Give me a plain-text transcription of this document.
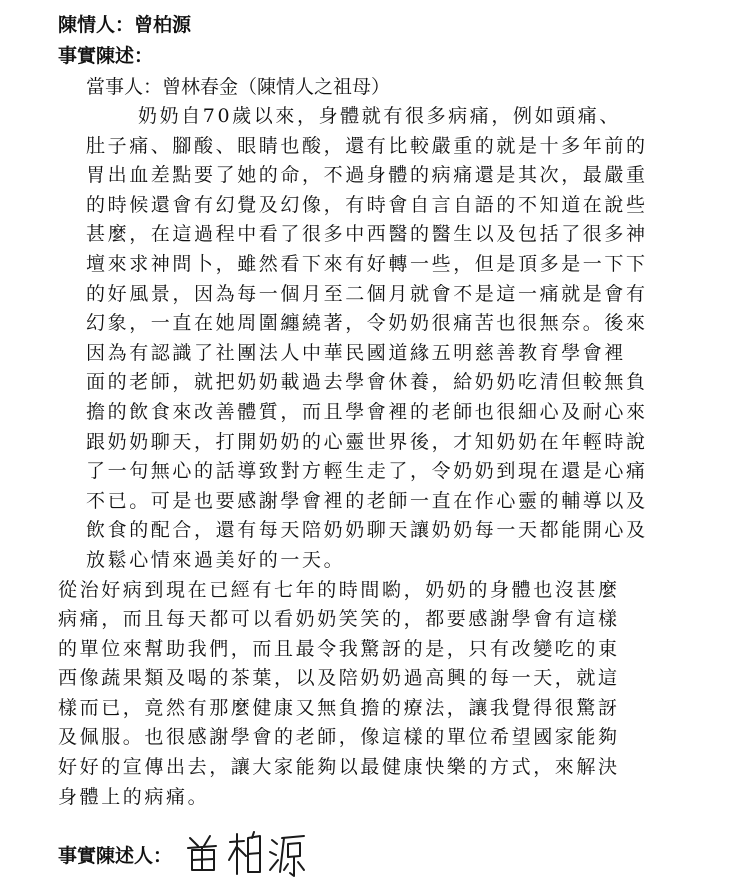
陳情人：曾柏源
事實陳述：
當事人：曾林春金（陳情人之祖母）
奶奶自70歲以來，身體就有很多病痛，例如頭痛、
肚子痛、腳酸、眼睛也酸，還有比較嚴重的就是十多年前的
胃出血差點要了她的命，不過身體的病痛還是其次，最嚴重
的時候還會有幻覺及幻像，有時會自言自語的不知道在說些
甚麼，在這過程中看了很多中西醫的醫生以及包括了很多神
壇來求神問卜，雖然看下來有好轉一些，但是頂多是一下下
的好風景，因為每一個月至二個月就會不是這一痛就是會有
幻象，一直在她周圍纏繞著，令奶奶很痛苦也很無奈。後來
因為有認識了社團法人中華民國道緣五明慈善教育學會裡
面的老師，就把奶奶載過去學會休養，給奶奶吃清但較無負
擔的飲食來改善體質，而且學會裡的老師也很細心及耐心來
跟奶奶聊天，打開奶奶的心靈世界後，才知奶奶在年輕時說
了一句無心的話導致對方輕生走了，令奶奶到現在還是心痛
不已。可是也要感謝學會裡的老師一直在作心靈的輔導以及
飲食的配合，還有每天陪奶奶聊天讓奶奶每一天都能開心及
放鬆心情來過美好的一天。
從治好病到現在已經有七年的時間喲，奶奶的身體也沒甚麼
病痛，而且每天都可以看奶奶笑笑的，都要感謝學會有這樣
的單位來幫助我們，而且最令我驚訝的是，只有改變吃的東
西像蔬果類及喝的茶葉，以及陪奶奶過高興的每一天，就這
樣而已，竟然有那麼健康又無負擔的療法，讓我覺得很驚訝
及佩服。也很感謝學會的老師，像這樣的單位希望國家能夠
好好的宣傳出去，讓大家能夠以最健康快樂的方式，來解決
身體上的病痛。
事實陳述人：
